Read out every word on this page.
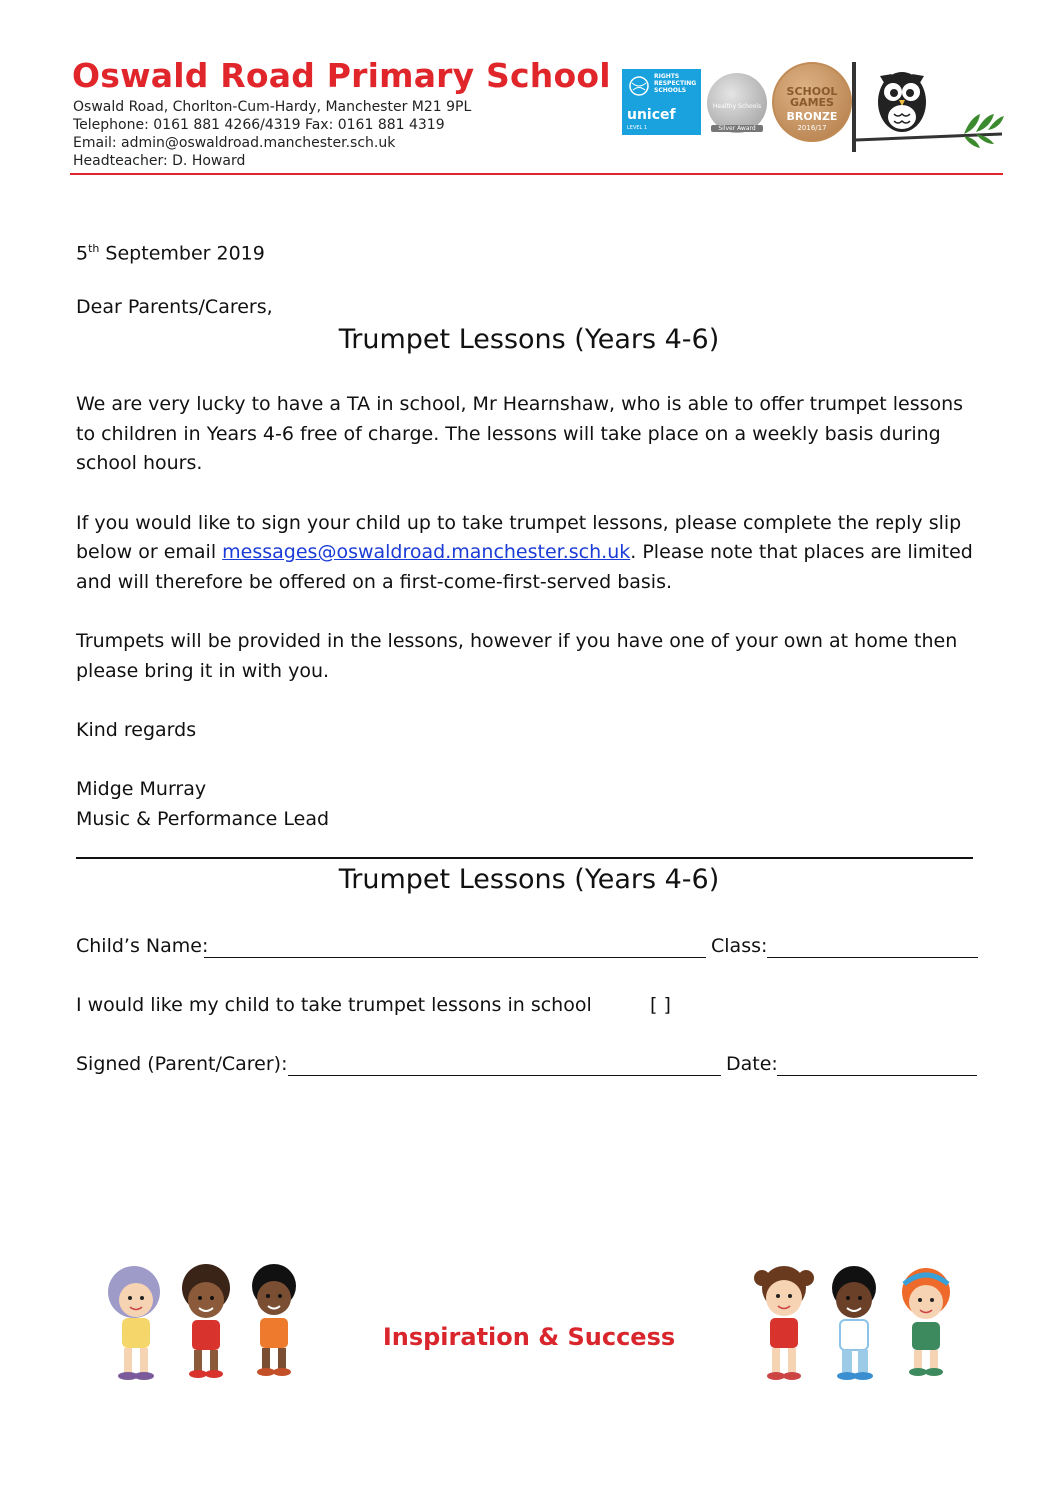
Oswald Road Primary School
Oswald Road, Chorlton-Cum-Hardy, Manchester M21 9PL
Telephone: 0161 881 4266/4319 Fax: 0161 881 4319
Email: admin@oswaldroad.manchester.sch.uk
Headteacher: D. Howard
RIGHTS RESPECTING SCHOOLS
unicef
LEVEL 1
Healthy Schools
Silver Award
SCHOOL GAMES
BRONZE
2016/17
5th September 2019
Dear Parents/Carers,
Trumpet Lessons (Years 4-6)
We are very lucky to have a TA in school, Mr Hearnshaw, who is able to offer trumpet lessons
to children in Years 4-6 free of charge. The lessons will take place on a weekly basis during
school hours.
If you would like to sign your child up to take trumpet lessons, please complete the reply slip
below or email messages@oswaldroad.manchester.sch.uk. Please note that places are limited
and will therefore be offered on a first-come-first-served basis.
Trumpets will be provided in the lessons, however if you have one of your own at home then
please bring it in with you.
Kind regards
Midge Murray
Music & Performance Lead
Trumpet Lessons (Years 4-6)
Child’s Name:	Class:
I would like my child to take trumpet lessons in school	[ ]
Signed (Parent/Carer):	Date:
Inspiration & Success
